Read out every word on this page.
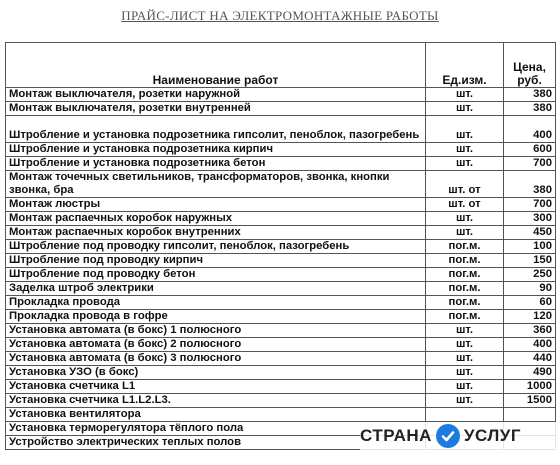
ПРАЙС-ЛИСТ НА ЭЛЕКТРОМОНТАЖНЫЕ РАБОТЫ
Наименование работ	Ед.изм.	Цена, руб.
Монтаж выключателя, розетки наружной	шт.	380
Монтаж выключателя, розетки внутренней	шт.	380
Штробление и установка подрозетника гипсолит, пеноблок, пазогребень	шт.	400
Штробление и установка подрозетника кирпич	шт.	600
Штробление и установка подрозетника бетон	шт.	700
Монтаж точечных светильников, трансформаторов, звонка, кнопки звонка, бра	шт. от	380
Монтаж люстры	шт. от	700
Монтаж распаечных коробок наружных	шт.	300
Монтаж распаечных коробок внутренних	шт.	450
Штробление под проводку гипсолит, пеноблок, пазогребень	пог.м.	100
Штробление под проводку кирпич	пог.м.	150
Штробление под проводку бетон	пог.м.	250
Заделка штроб электрики	пог.м.	90
Прокладка провода	пог.м.	60
Прокладка провода в гофре	пог.м.	120
Установка автомата (в бокс) 1 полюсного	шт.	360
Установка автомата (в бокс) 2 полюсного	шт.	400
Установка автомата (в бокс) 3 полюсного	шт.	440
Установка УЗО (в бокс)	шт.	490
Установка счетчика L1	шт.	1000
Установка счетчика L1.L2.L3.	шт.	1500
Установка вентилятора		
Установка терморегулятора тёплого пола		
Устройство электрических теплых полов			СТРАНА УСЛУГ
